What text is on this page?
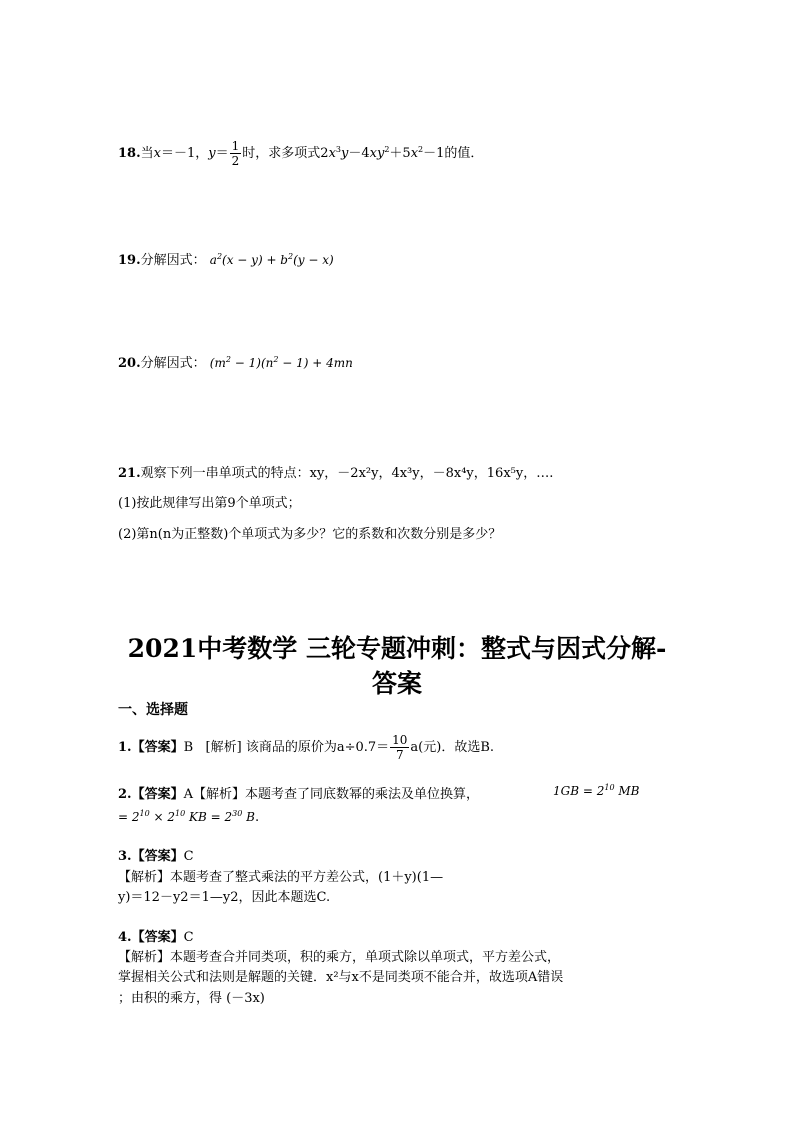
18.当x＝－1，$y= \frac{1}{2}$ 时，求多项式$2x^3y-4xy^2+5x^2-1$的值．
19.分解因式： $a^2(x - y) + b^2(y - x)$
20.分解因式： $(m^2 - 1)(n^2 - 1) + 4mn$
21.观察下列一串单项式的特点：xy，－2x²y，4x³y，－8x⁴y，16x⁵y，….
(1)按此规律写出第9个单项式；
(2)第n(n为正整数)个单项式为多少？它的系数和次数分别是多少？
2021中考数学 三轮专题冲刺：整式与因式分解-
答案
一、选择题
1.【答案】B [解析] 该商品的原价为$a\div 0.7= \frac{10}{7} a$(元)．故选B.
2.【答案】A【解析】本题考查了同底数幂的乘法及单位换算，	$1GB = 2^{10}$ MB
= $2^{10} \times 2^{10}$ KB = $2^{30}$ B.
3.【答案】C
【解析】本题考查了整式乘法的平方差公式，(1＋y)(1—
y)＝12－y2＝1—y2，因此本题选C.
4.【答案】C
【解析】本题考查合并同类项，积的乘方，单项式除以单项式，平方差公式，
掌握相关公式和法则是解题的关键．x²与x不是同类项不能合并，故选项A错误
；由积的乘方，得 (－3x)
